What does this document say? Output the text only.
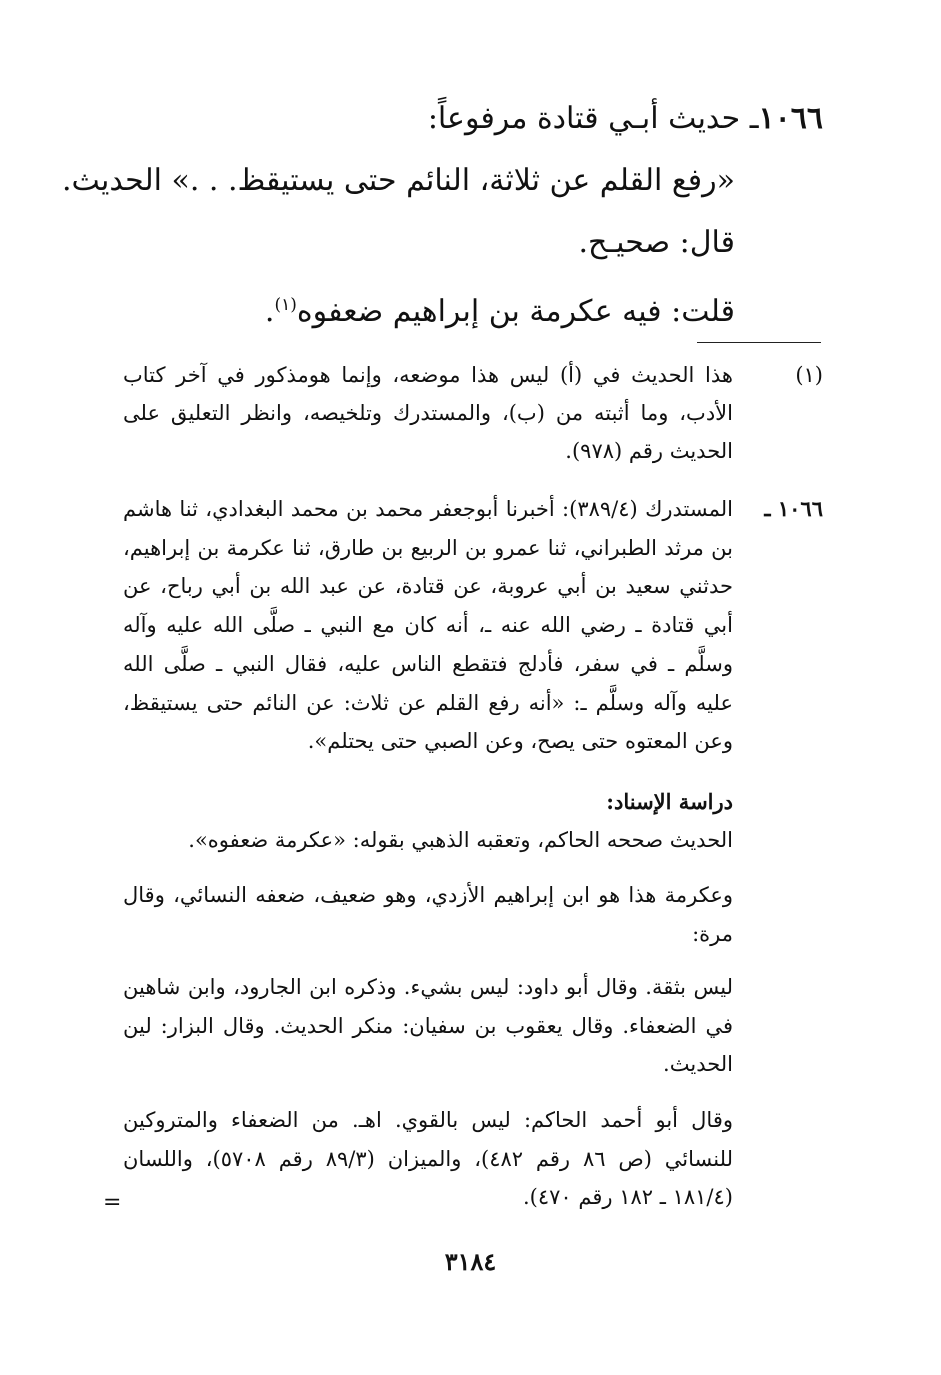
١٠٦٦ـ حديث أبـي قتادة مرفوعاً:
«رفع القلم عن ثلاثة، النائم حتى يستيقظ. . .» الحديث.
قال: صحيـح.
قلت: فيه عكرمة بن إبراهيم ضعفوه$^{(١)}$.
(١)
هذا الحديث في (أ) ليس هذا موضعه، وإنما هومذكور في آخر كتاب الأدب، وما أثبته من (ب)، والمستدرك وتلخيصه، وانظر التعليق على الحديث رقم (٩٧٨).
١٠٦٦ ـ
المستدرك (٣٨٩/٤): أخبرنا أبوجعفر محمد بن محمد البغدادي، ثنا هاشم بن مرثد الطبراني، ثنا عمرو بن الربيع بن طارق، ثنا عكرمة بن إبراهيم، حدثني سعيد بن أبي عروبة، عن قتادة، عن عبد الله بن أبي رباح، عن أبي قتادة ـ رضي الله عنه ـ، أنه كان مع النبي ـ صلَّى الله عليه وآله وسلَّم ـ في سفر، فأدلج فتقطع الناس عليه، فقال النبي ـ صلَّى الله عليه وآله وسلَّم ـ: «أنه رفع القلم عن ثلاث: عن النائم حتى يستيقظ، وعن المعتوه حتى يصح، وعن الصبي حتى يحتلم».
دراسة الإسناد:
الحديث صححه الحاكم، وتعقبه الذهبي بقوله: «عكرمة ضعفوه».
وعكرمة هذا هو ابن إبراهيم الأزدي، وهو ضعيف، ضعفه النسائي، وقال مرة:
ليس بثقة. وقال أبو داود: ليس بشيء. وذكره ابن الجارود، وابن شاهين في الضعفاء. وقال يعقوب بن سفيان: منكر الحديث. وقال البزار: لين الحديث.
وقال أبو أحمد الحاكم: ليس بالقوي. اهـ. من الضعفاء والمتروكين للنسائي (ص ٨٦ رقم ٤٨٢)، والميزان (٨٩/٣ رقم ٥٧٠٨)، واللسان (١٨١/٤ ـ ١٨٢ رقم ٤٧٠).
=
٣١٨٤
